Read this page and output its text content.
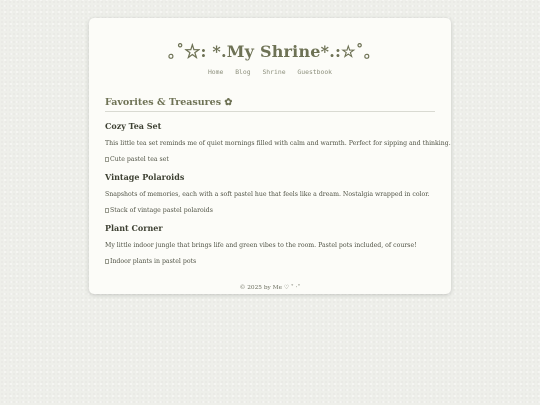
｡˚☆: *.My Shrine*.:☆˚｡
Home Blog Shrine Guestbook
Favorites & Treasures ✿
Cozy Tea Set

This little tea set reminds me of quiet mornings filled with calm and warmth. Perfect for sipping and thinking.

Cute pastel tea set
Vintage Polaroids

Snapshots of memories, each with a soft pastel hue that feels like a dream. Nostalgia wrapped in color.

Stack of vintage pastel polaroids
Plant Corner

My little indoor jungle that brings life and green vibes to the room. Pastel pots included, of course!

Indoor plants in pastel pots
© 2025 by Me ♡ ˚ ·˚
